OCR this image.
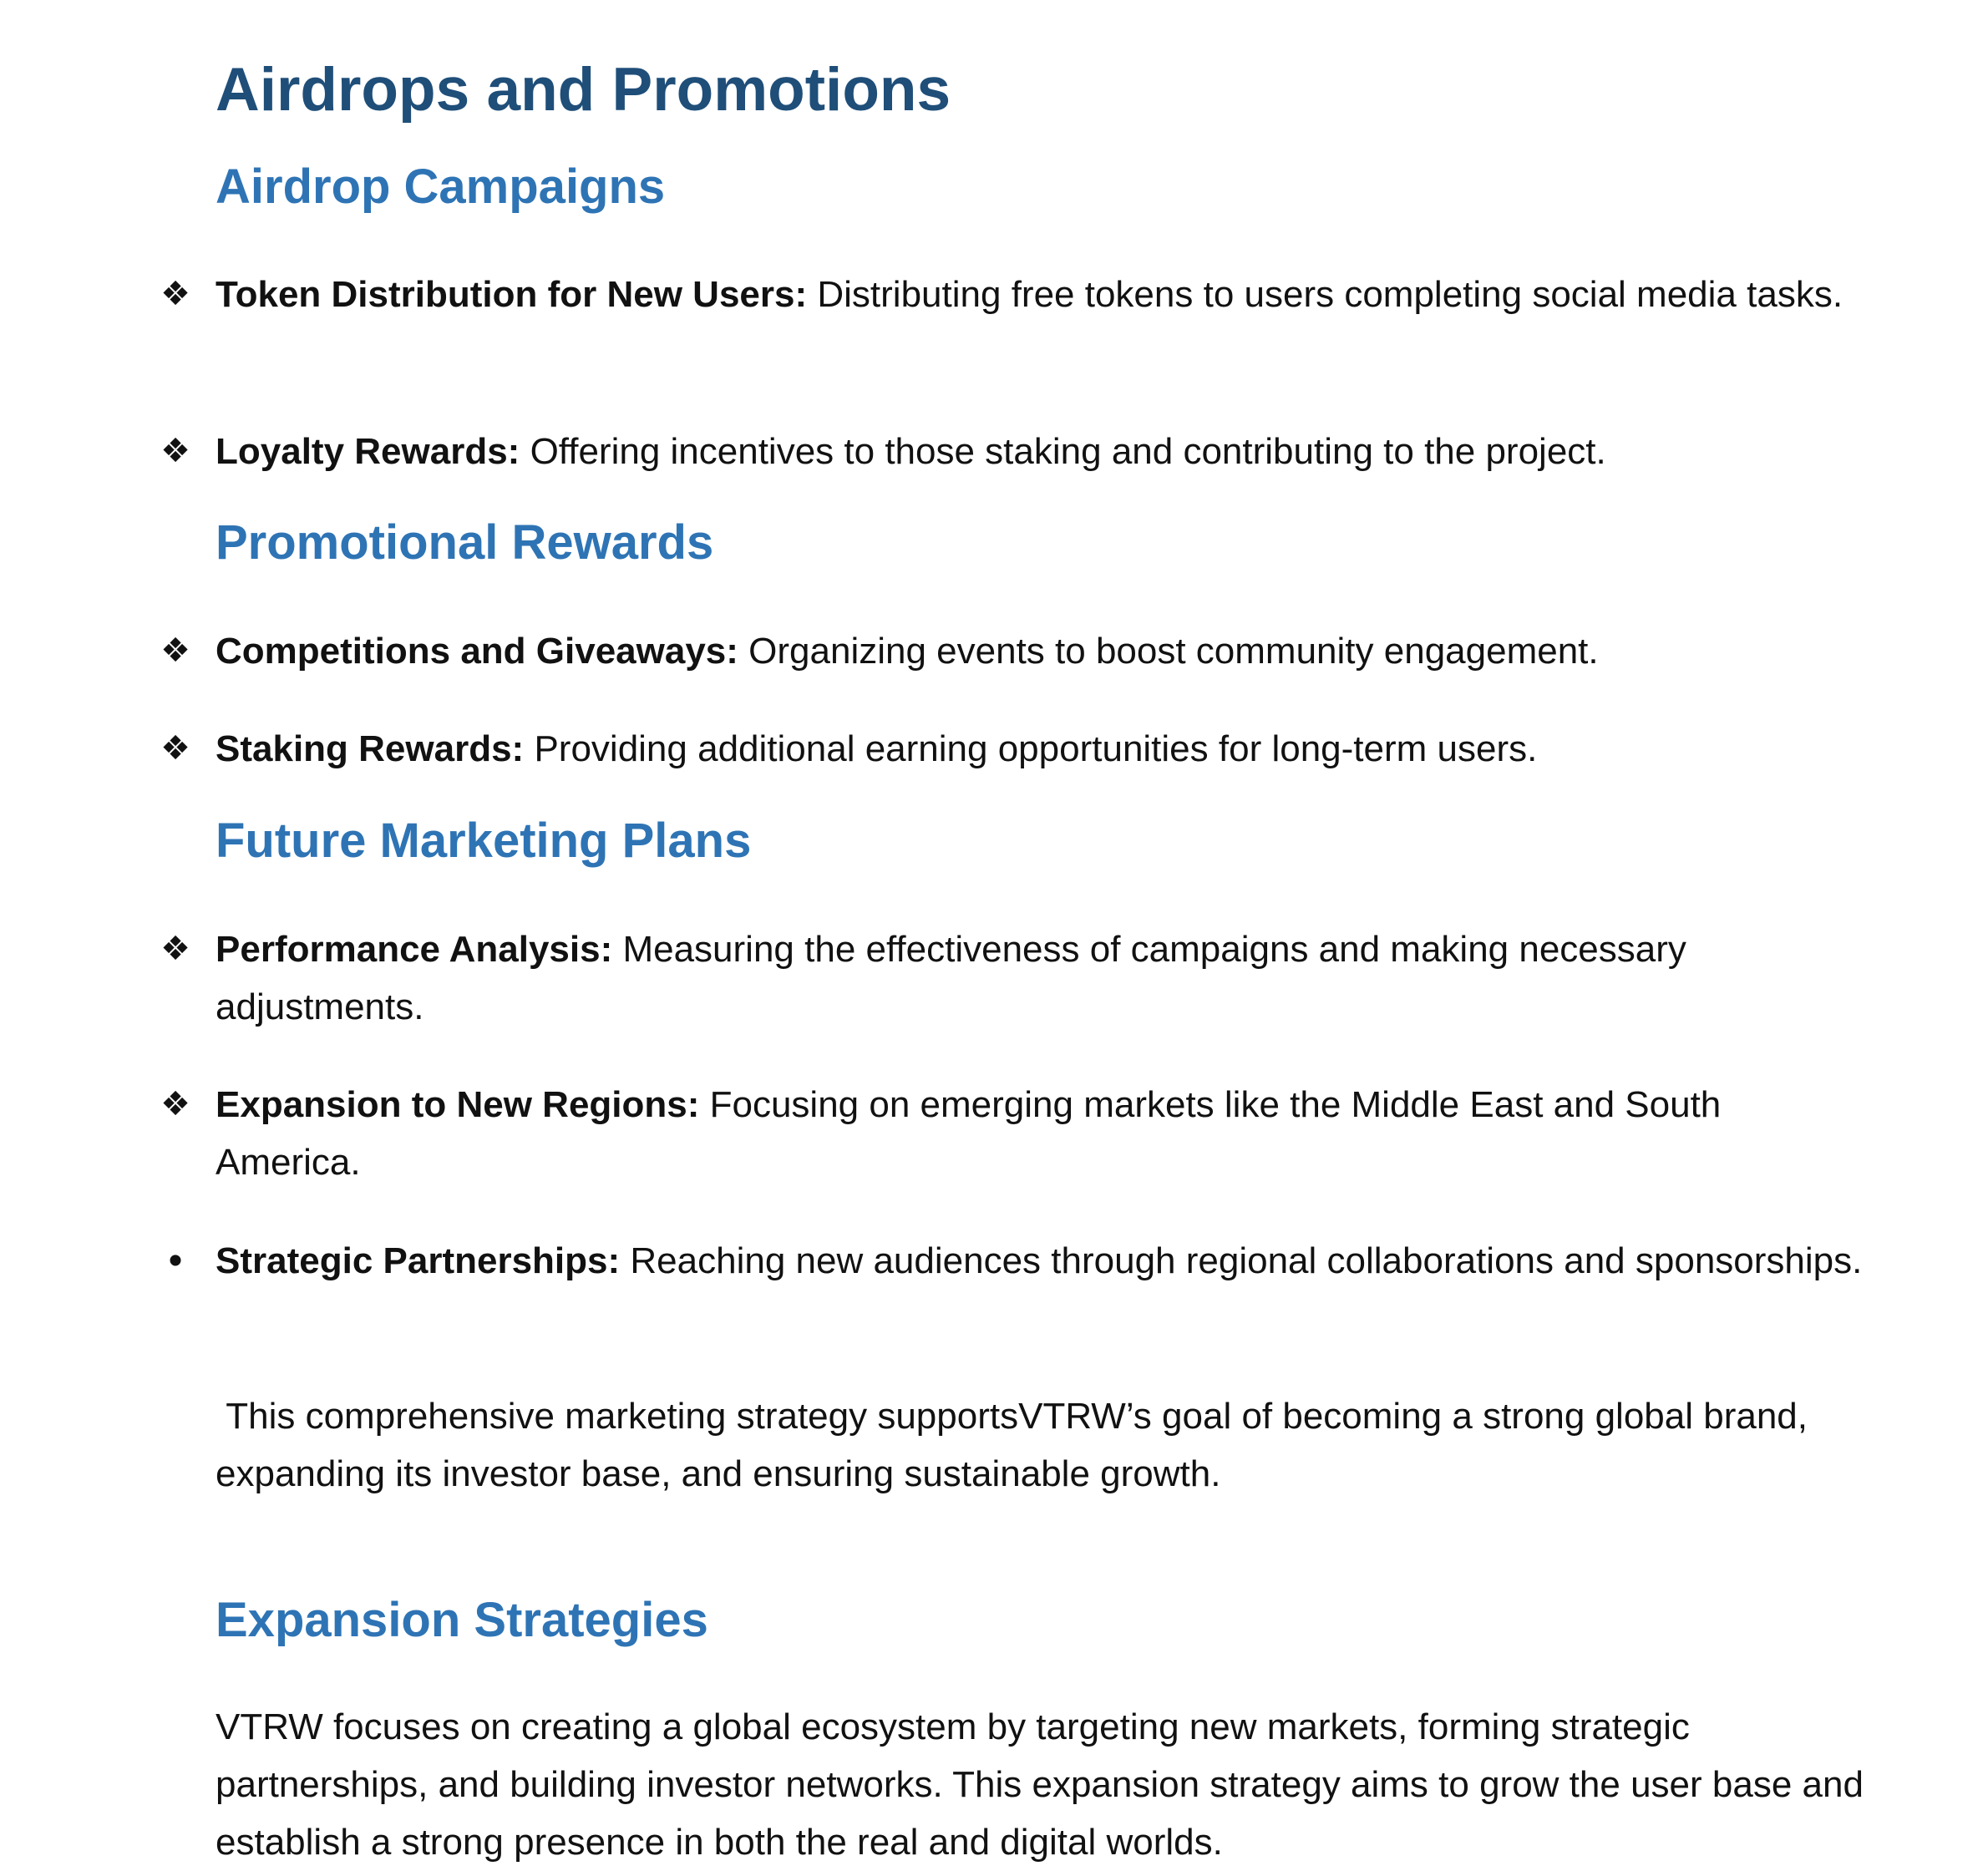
Airdrops and Promotions
Airdrop Campaigns
❖ Token Distribution for New Users: Distributing free tokens to users completing social media tasks.
❖ Loyalty Rewards: Offering incentives to those staking and contributing to the project.
Promotional Rewards
❖ Competitions and Giveaways: Organizing events to boost community engagement.
❖ Staking Rewards: Providing additional earning opportunities for long-term users.
Future Marketing Plans
❖ Performance Analysis: Measuring the effectiveness of campaigns and making necessary adjustments.
❖ Expansion to New Regions: Focusing on emerging markets like the Middle East and South America.
• Strategic Partnerships: Reaching new audiences through regional collaborations and sponsorships.

This comprehensive marketing strategy supportsVTRW’s goal of becoming a strong global brand, expanding its investor base, and ensuring sustainable growth.

Expansion Strategies

VTRW focuses on creating a global ecosystem by targeting new markets, forming strategic partnerships, and building investor networks. This expansion strategy aims to grow the user base and establish a strong presence in both the real and digital worlds.
